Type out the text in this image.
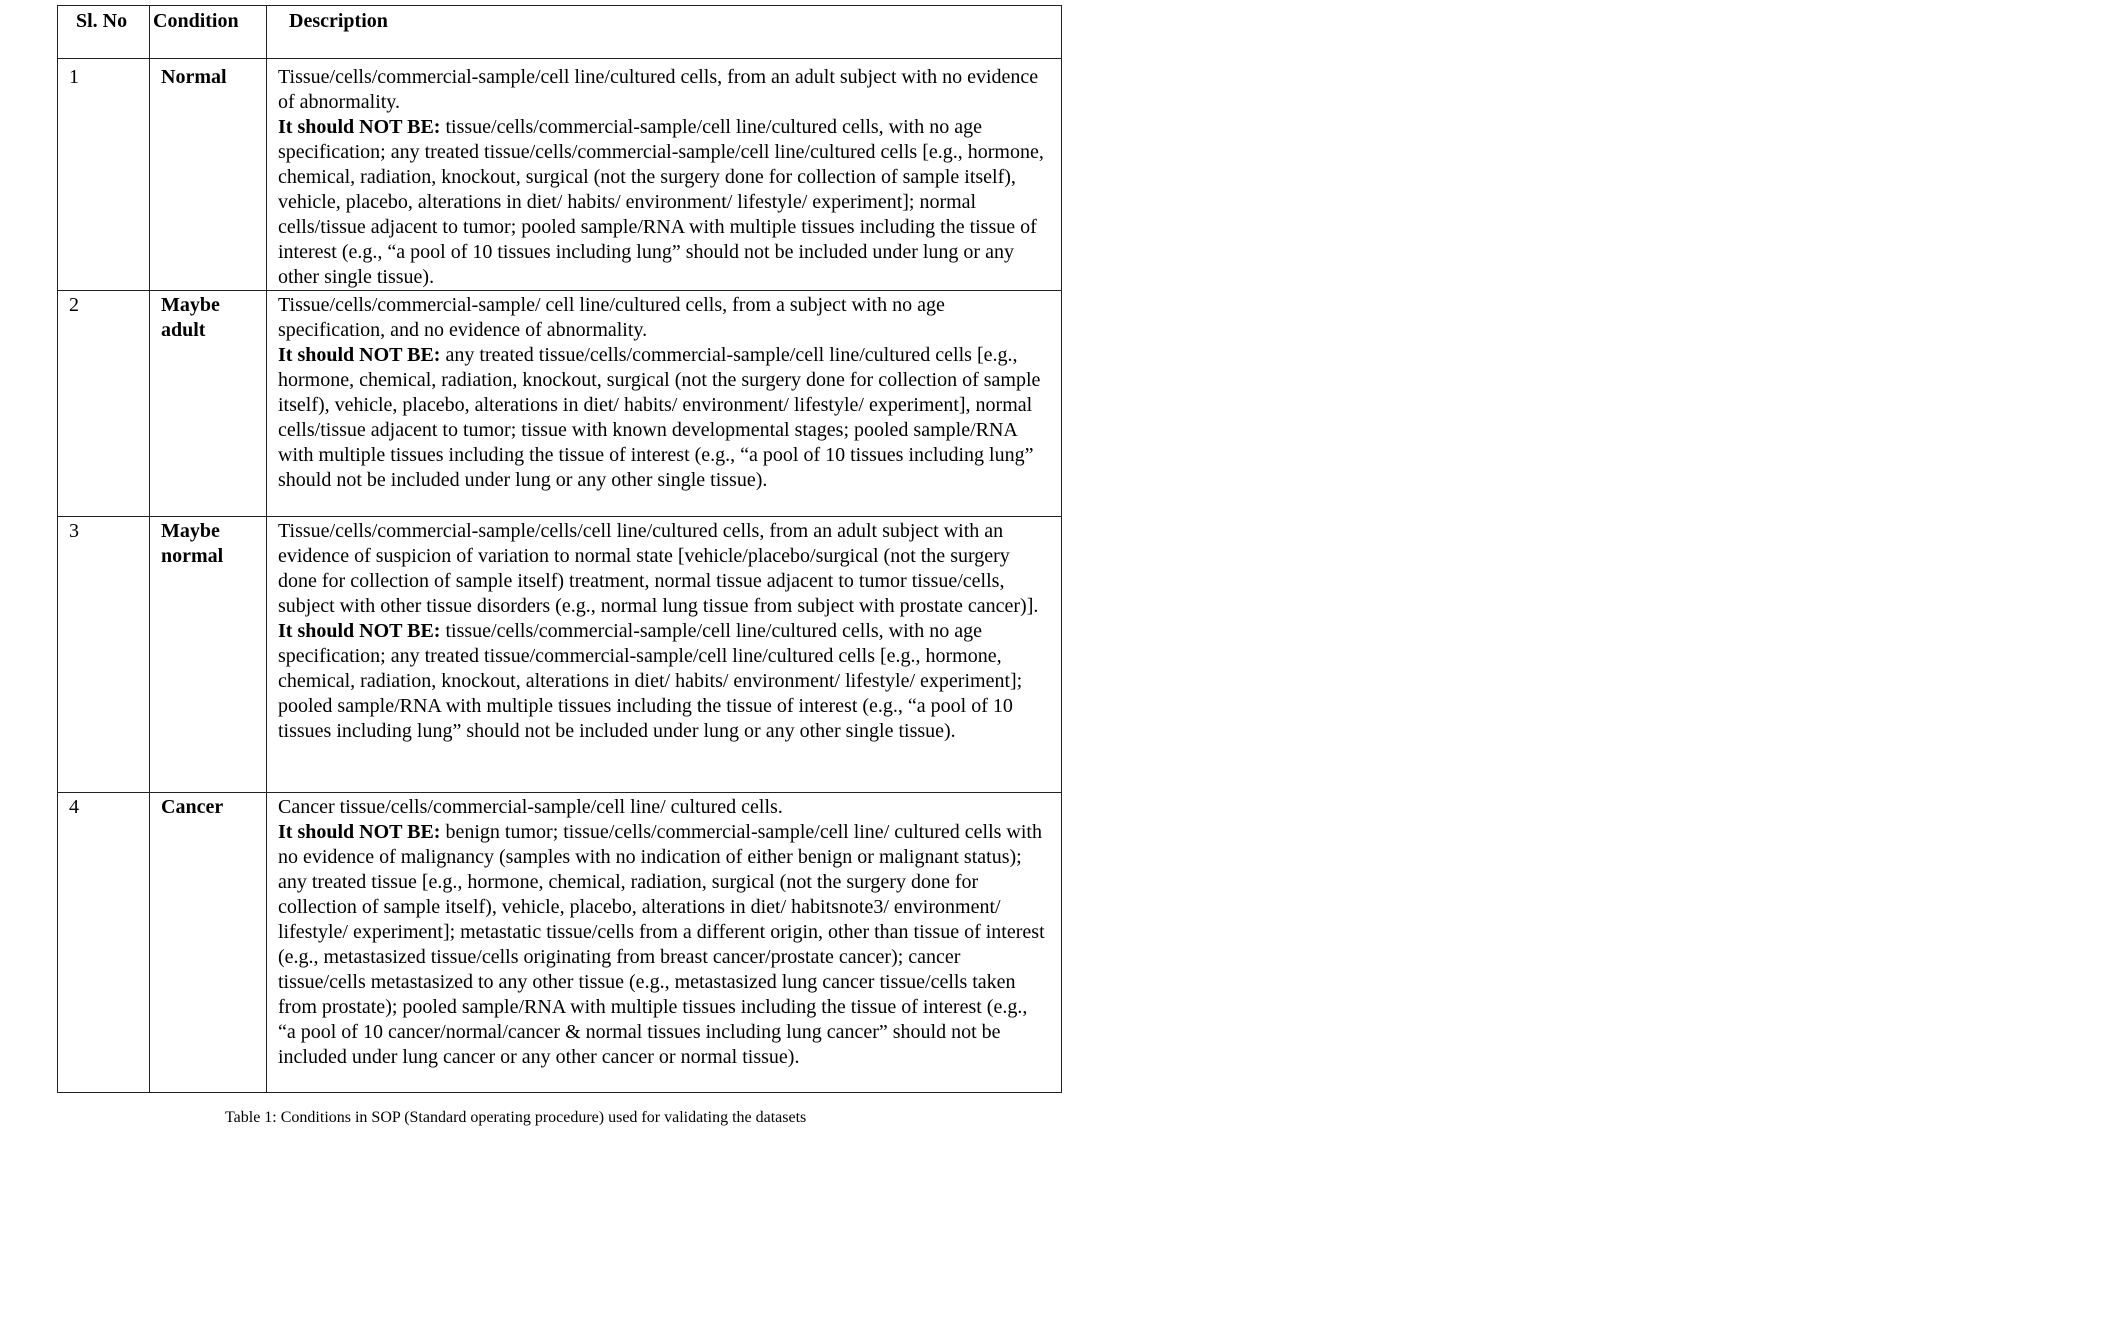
Sl. No	Condition	Description
1	Normal	Tissue/cells/commercial-sample/cell line/cultured cells, from an adult subject with no evidence of abnormality.
It should NOT BE: tissue/cells/commercial-sample/cell line/cultured cells, with no age specification; any treated tissue/cells/commercial-sample/cell line/cultured cells [e.g., hormone, chemical, radiation, knockout, surgical (not the surgery done for collection of sample itself), vehicle, placebo, alterations in diet/ habits/ environment/ lifestyle/ experiment]; normal cells/tissue adjacent to tumor; pooled sample/RNA with multiple tissues including the tissue of interest (e.g., “a pool of 10 tissues including lung” should not be included under lung or any other single tissue).

2	Maybe adult	Tissue/cells/commercial-sample/ cell line/cultured cells, from a subject with no age specification, and no evidence of abnormality.
It should NOT BE: any treated tissue/cells/commercial-sample/cell line/cultured cells [e.g., hormone, chemical, radiation, knockout, surgical (not the surgery done for collection of sample itself), vehicle, placebo, alterations in diet/ habits/ environment/ lifestyle/ experiment], normal cells/tissue adjacent to tumor; tissue with known developmental stages; pooled sample/RNA with multiple tissues including the tissue of interest (e.g., “a pool of 10 tissues including lung” should not be included under lung or any other single tissue).

3	Maybe normal	Tissue/cells/commercial-sample/cells/cell line/cultured cells, from an adult subject with an evidence of suspicion of variation to normal state [vehicle/placebo/surgical (not the surgery done for collection of sample itself) treatment, normal tissue adjacent to tumor tissue/cells, subject with other tissue disorders (e.g., normal lung tissue from subject with prostate cancer)].
It should NOT BE: tissue/cells/commercial-sample/cell line/cultured cells, with no age specification; any treated tissue/commercial-sample/cell line/cultured cells [e.g., hormone, chemical, radiation, knockout, alterations in diet/ habits/ environment/ lifestyle/ experiment]; pooled sample/RNA with multiple tissues including the tissue of interest (e.g., “a pool of 10 tissues including lung” should not be included under lung or any other single tissue).

4	Cancer	Cancer tissue/cells/commercial-sample/cell line/ cultured cells.
It should NOT BE: benign tumor; tissue/cells/commercial-sample/cell line/ cultured cells with no evidence of malignancy (samples with no indication of either benign or malignant status); any treated tissue [e.g., hormone, chemical, radiation, surgical (not the surgery done for collection of sample itself), vehicle, placebo, alterations in diet/ habitsnote3/ environment/ lifestyle/ experiment]; metastatic tissue/cells from a different origin, other than tissue of interest (e.g., metastasized tissue/cells originating from breast cancer/prostate cancer); cancer tissue/cells metastasized to any other tissue (e.g., metastasized lung cancer tissue/cells taken from prostate); pooled sample/RNA with multiple tissues including the tissue of interest (e.g., “a pool of 10 cancer/normal/cancer & normal tissues including lung cancer” should not be included under lung cancer or any other cancer or normal tissue).
Table 1: Conditions in SOP (Standard operating procedure) used for validating the datasets
